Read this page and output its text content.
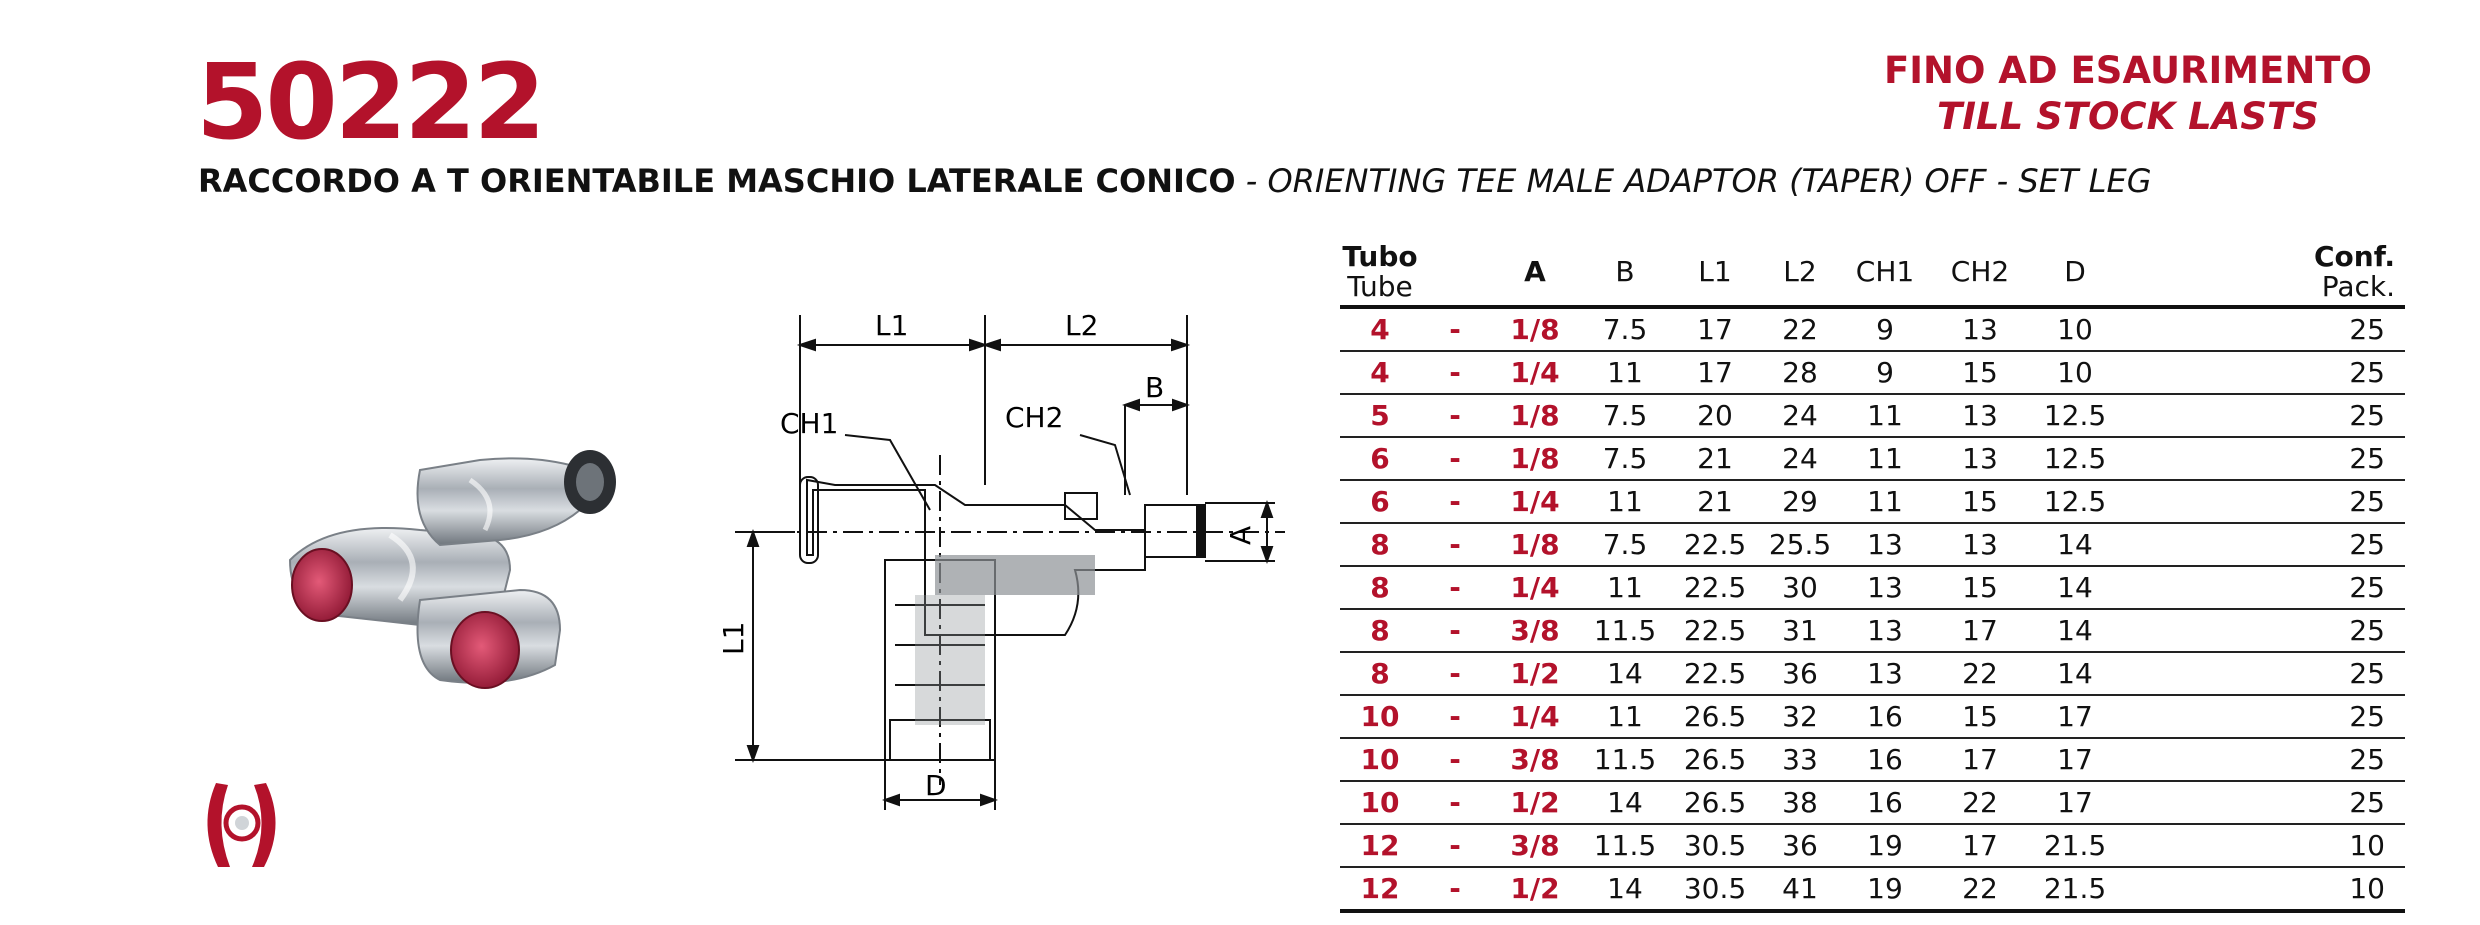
50222
RACCORDO A T ORIENTABILE MASCHIO LATERALE CONICO - ORIENTING TEE MALE ADAPTOR (TAPER) OFF - SET LEG
FINO AD ESAURIMENTO
TILL STOCK LASTS
L1	L2
B
CH1	CH2
A
L1
D
Tubo
Tube		A	B	L1	L2	CH1	CH2	D	Conf.
Pack.

4	-	1/8	7.5	17	22	9	13	10	25
4	-	1/4	11	17	28	9	15	10	25
5	-	1/8	7.5	20	24	11	13	12.5	25
6	-	1/8	7.5	21	24	11	13	12.5	25
6	-	1/4	11	21	29	11	15	12.5	25
8	-	1/8	7.5	22.5	25.5	13	13	14	25
8	-	1/4	11	22.5	30	13	15	14	25
8	-	3/8	11.5	22.5	31	13	17	14	25
8	-	1/2	14	22.5	36	13	22	14	25
10	-	1/4	11	26.5	32	16	15	17	25
10	-	3/8	11.5	26.5	33	16	17	17	25
10	-	1/2	14	26.5	38	16	22	17	25
12	-	3/8	11.5	30.5	36	19	17	21.5	10
12	-	1/2	14	30.5	41	19	22	21.5	10
